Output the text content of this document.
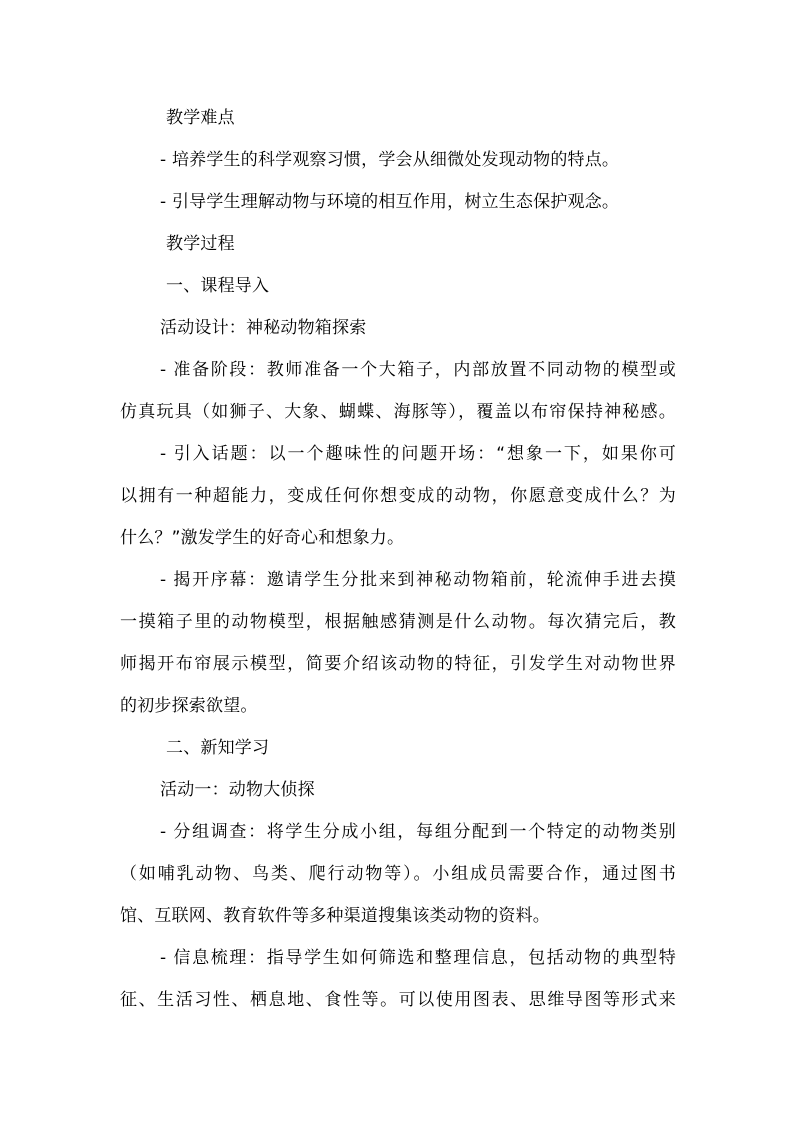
教学难点
- 培养学生的科学观察习惯，学会从细微处发现动物的特点。
- 引导学生理解动物与环境的相互作用，树立生态保护观念。
教学过程
一、课程导入
活动设计：神秘动物箱探索
- 准备阶段：教师准备一个大箱子，内部放置不同动物的模型或
仿真玩具（如狮子、大象、蝴蝶、海豚等），覆盖以布帘保持神秘感。
- 引入话题：以一个趣味性的问题开场：“想象一下，如果你可
以拥有一种超能力，变成任何你想变成的动物，你愿意变成什么？为
什么？”激发学生的好奇心和想象力。
- 揭开序幕：邀请学生分批来到神秘动物箱前，轮流伸手进去摸
一摸箱子里的动物模型，根据触感猜测是什么动物。每次猜完后，教
师揭开布帘展示模型，简要介绍该动物的特征，引发学生对动物世界
的初步探索欲望。
二、新知学习
活动一：动物大侦探
- 分组调查：将学生分成小组，每组分配到一个特定的动物类别
（如哺乳动物、鸟类、爬行动物等）。小组成员需要合作，通过图书
馆、互联网、教育软件等多种渠道搜集该类动物的资料。
- 信息梳理：指导学生如何筛选和整理信息，包括动物的典型特
征、生活习性、栖息地、食性等。可以使用图表、思维导图等形式来
